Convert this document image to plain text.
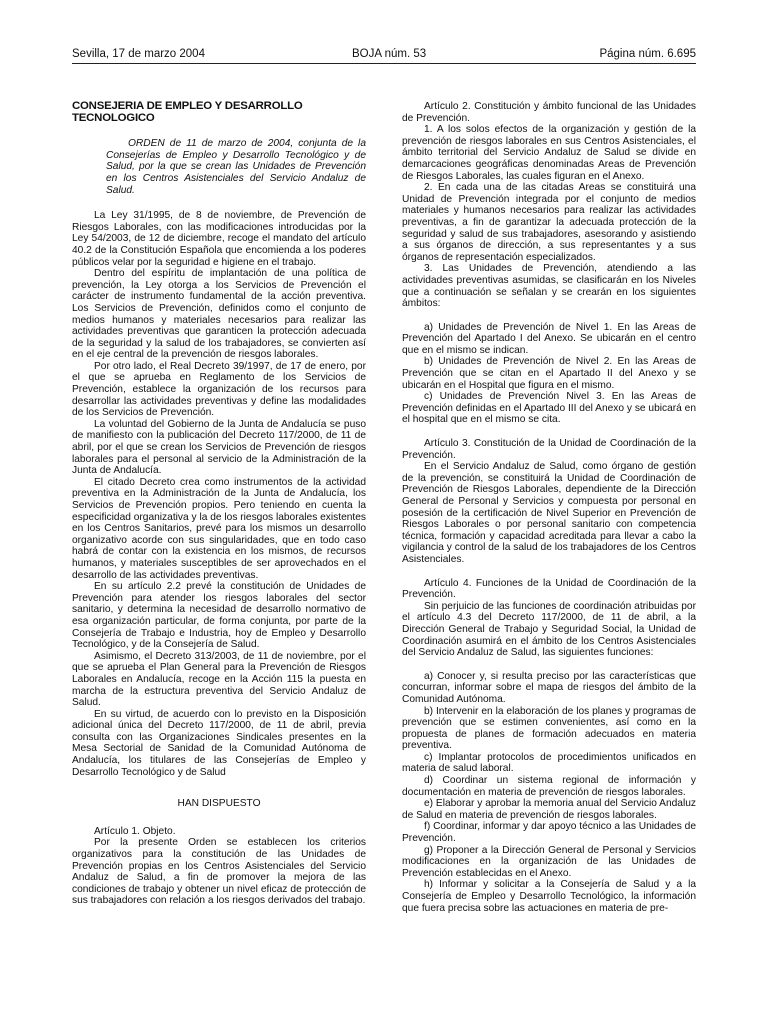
Sevilla, 17 de marzo 2004	BOJA núm. 53	Página núm. 6.695
CONSEJERIA DE EMPLEO Y DESARROLLO TECNOLOGICO

ORDEN de 11 de marzo de 2004, conjunta de la Consejerías de Empleo y Desarrollo Tecnológico y de Salud, por la que se crean las Unidades de Prevención en los Centros Asistenciales del Servicio Andaluz de Salud.

La Ley 31/1995, de 8 de noviembre, de Prevención de Riesgos Laborales, con las modificaciones introducidas por la Ley 54/2003, de 12 de diciembre, recoge el mandato del artículo 40.2 de la Constitución Española que encomienda a los poderes públicos velar por la seguridad e higiene en el trabajo.

Dentro del espíritu de implantación de una política de prevención, la Ley otorga a los Servicios de Prevención el carácter de instrumento fundamental de la acción preventiva. Los Servicios de Prevención, definidos como el conjunto de medios humanos y materiales necesarios para realizar las actividades preventivas que garanticen la protección adecuada de la seguridad y la salud de los trabajadores, se convierten así en el eje central de la prevención de riesgos laborales.

Por otro lado, el Real Decreto 39/1997, de 17 de enero, por el que se aprueba en Reglamento de los Servicios de Prevención, establece la organización de los recursos para desarrollar las actividades preventivas y define las modalidades de los Servicios de Prevención.

La voluntad del Gobierno de la Junta de Andalucía se puso de manifiesto con la publicación del Decreto 117/2000, de 11 de abril, por el que se crean los Servicios de Prevención de riesgos laborales para el personal al servicio de la Administración de la Junta de Andalucía.

El citado Decreto crea como instrumentos de la actividad preventiva en la Administración de la Junta de Andalucía, los Servicios de Prevención propios. Pero teniendo en cuenta la especificidad organizativa y la de los riesgos laborales existentes en los Centros Sanitarios, prevé para los mismos un desarrollo organizativo acorde con sus singularidades, que en todo caso habrá de contar con la existencia en los mismos, de recursos humanos, y materiales susceptibles de ser aprovechados en el desarrollo de las actividades preventivas.

En su artículo 2.2 prevé la constitución de Unidades de Prevención para atender los riesgos laborales del sector sanitario, y determina la necesidad de desarrollo normativo de esa organización particular, de forma conjunta, por parte de la Consejería de Trabajo e Industria, hoy de Empleo y Desarrollo Tecnológico, y de la Consejería de Salud.

Asimismo, el Decreto 313/2003, de 11 de noviembre, por el que se aprueba el Plan General para la Prevención de Riesgos Laborales en Andalucía, recoge en la Acción 115 la puesta en marcha de la estructura preventiva del Servicio Andaluz de Salud.

En su virtud, de acuerdo con lo previsto en la Disposición adicional única del Decreto 117/2000, de 11 de abril, previa consulta con las Organizaciones Sindicales presentes en la Mesa Sectorial de Sanidad de la Comunidad Autónoma de Andalucía, los titulares de las Consejerías de Empleo y Desarrollo Tecnológico y de Salud

HAN DISPUESTO

Artículo 1. Objeto.

Por la presente Orden se establecen los criterios organizativos para la constitución de las Unidades de Prevención propias en los Centros Asistenciales del Servicio Andaluz de Salud, a fin de promover la mejora de las condiciones de trabajo y obtener un nivel eficaz de protección de sus trabajadores con relación a los riesgos derivados del trabajo.

Artículo 2. Constitución y ámbito funcional de las Unidades de Prevención.

1. A los solos efectos de la organización y gestión de la prevención de riesgos laborales en sus Centros Asistenciales, el ámbito territorial del Servicio Andaluz de Salud se divide en demarcaciones geográficas denominadas Areas de Prevención de Riesgos Laborales, las cuales figuran en el Anexo.

2. En cada una de las citadas Areas se constituirá una Unidad de Prevención integrada por el conjunto de medios materiales y humanos necesarios para realizar las actividades preventivas, a fin de garantizar la adecuada protección de la seguridad y salud de sus trabajadores, asesorando y asistiendo a sus órganos de dirección, a sus representantes y a sus órganos de representación especializados.

3. Las Unidades de Prevención, atendiendo a las actividades preventivas asumidas, se clasificarán en los Niveles que a continuación se señalan y se crearán en los siguientes ámbitos:

a) Unidades de Prevención de Nivel 1. En las Areas de Prevención del Apartado I del Anexo. Se ubicarán en el centro que en el mismo se indican.

b) Unidades de Prevención de Nivel 2. En las Areas de Prevención que se citan en el Apartado II del Anexo y se ubicarán en el Hospital que figura en el mismo.

c) Unidades de Prevención Nivel 3. En las Areas de Prevención definidas en el Apartado III del Anexo y se ubicará en el hospital que en el mismo se cita.

Artículo 3. Constitución de la Unidad de Coordinación de la Prevención.

En el Servicio Andaluz de Salud, como órgano de gestión de la prevención, se constituirá la Unidad de Coordinación de Prevención de Riesgos Laborales, dependiente de la Dirección General de Personal y Servicios y compuesta por personal en posesión de la certificación de Nivel Superior en Prevención de Riesgos Laborales o por personal sanitario con competencia técnica, formación y capacidad acreditada para llevar a cabo la vigilancia y control de la salud de los trabajadores de los Centros Asistenciales.

Artículo 4. Funciones de la Unidad de Coordinación de la Prevención.

Sin perjuicio de las funciones de coordinación atribuidas por el artículo 4.3 del Decreto 117/2000, de 11 de abril, a la Dirección General de Trabajo y Seguridad Social, la Unidad de Coordinación asumirá en el ámbito de los Centros Asistenciales del Servicio Andaluz de Salud, las siguientes funciones:

a) Conocer y, si resulta preciso por las características que concurran, informar sobre el mapa de riesgos del ámbito de la Comunidad Autónoma.

b) Intervenir en la elaboración de los planes y programas de prevención que se estimen convenientes, así como en la propuesta de planes de formación adecuados en materia preventiva.

c) Implantar protocolos de procedimientos unificados en materia de salud laboral.

d) Coordinar un sistema regional de información y documentación en materia de prevención de riesgos laborales.

e) Elaborar y aprobar la memoria anual del Servicio Andaluz de Salud en materia de prevención de riesgos laborales.

f) Coordinar, informar y dar apoyo técnico a las Unidades de Prevención.

g) Proponer a la Dirección General de Personal y Servicios modificaciones en la organización de las Unidades de Prevención establecidas en el Anexo.

h) Informar y solicitar a la Consejería de Salud y a la Consejería de Empleo y Desarrollo Tecnológico, la información que fuera precisa sobre las actuaciones en materia de pre-
